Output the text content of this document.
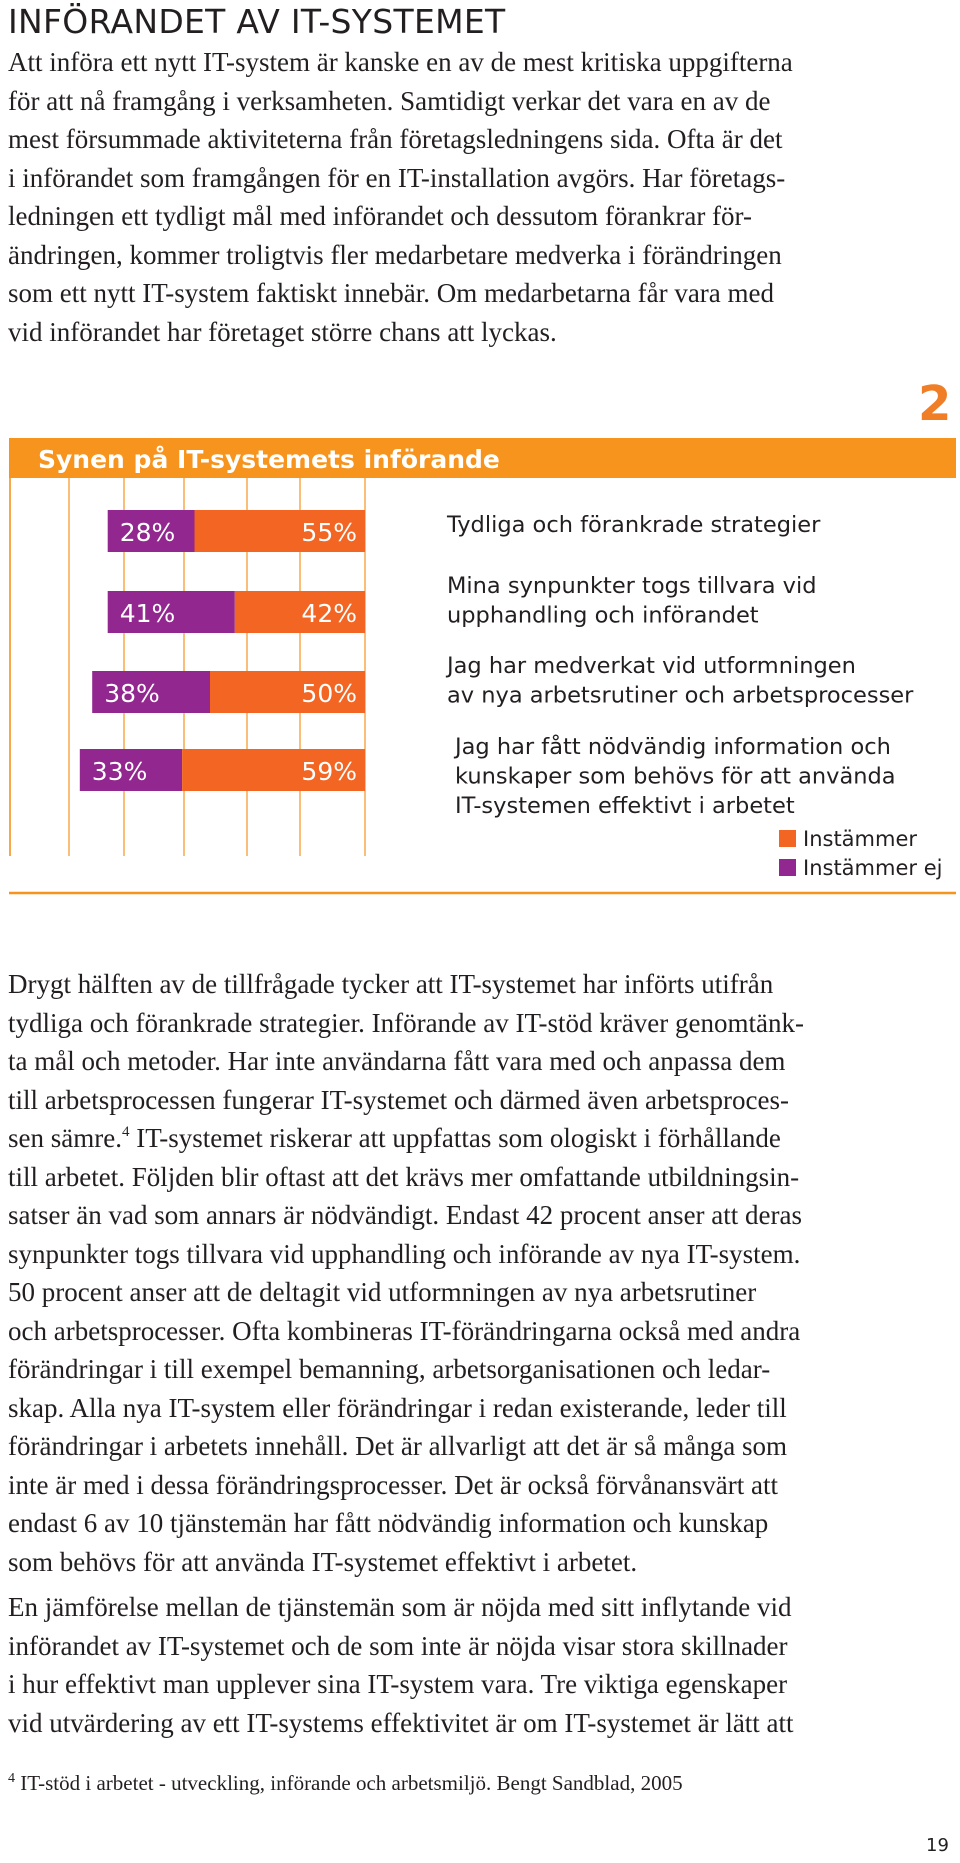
INFÖRANDET AV IT-SYSTEMET
Att införa ett nytt IT-system är kanske en av de mest kritiska uppgifterna
för att nå framgång i verksamheten. Samtidigt verkar det vara en av de
mest försummade aktiviteterna från företagsledningens sida. Ofta är det
i införandet som framgången för en IT-installation avgörs. Har företags-
ledningen ett tydligt mål med införandet och dessutom förankrar för-
ändringen, kommer troligtvis fler medarbetare medverka i förändringen
som ett nytt IT-system faktiskt innebär. Om medarbetarna får vara med
vid införandet har företaget större chans att lyckas.
2
Synen på IT-systemets införande
28%	55%	Tydliga och förankrade strategier
41%	42%
Mina synpunkter togs tillvara vid
upphandling och införandet
38%	50%
Jag har medverkat vid utformningen
av nya arbetsrutiner och arbetsprocesser
33%	59%
Jag har fått nödvändig information och
kunskaper som behövs för att använda
IT-systemen effektivt i arbetet
Instämmer
Instämmer ej
Drygt hälften av de tillfrågade tycker att IT-systemet har införts utifrån
tydliga och förankrade strategier. Införande av IT-stöd kräver genomtänk-
ta mål och metoder. Har inte användarna fått vara med och anpassa dem
till arbetsprocessen fungerar IT-systemet och därmed även arbetsproces-
sen sämre.$^4$ IT-systemet riskerar att uppfattas som ologiskt i förhållande
till arbetet. Följden blir oftast att det krävs mer omfattande utbildningsin-
satser än vad som annars är nödvändigt. Endast 42 procent anser att deras
synpunkter togs tillvara vid upphandling och införande av nya IT-system.
50 procent anser att de deltagit vid utformningen av nya arbetsrutiner
och arbetsprocesser. Ofta kombineras IT-förändringarna också med andra
förändringar i till exempel bemanning, arbetsorganisationen och ledar-
skap. Alla nya IT-system eller förändringar i redan existerande, leder till
förändringar i arbetets innehåll. Det är allvarligt att det är så många som
inte är med i dessa förändringsprocesser. Det är också förvånansvärt att
endast 6 av 10 tjänstemän har fått nödvändig information och kunskap
som behövs för att använda IT-systemet effektivt i arbetet.
En jämförelse mellan de tjänstemän som är nöjda med sitt inflytande vid
införandet av IT-systemet och de som inte är nöjda visar stora skillnader
i hur effektivt man upplever sina IT-system vara. Tre viktiga egenskaper
vid utvärdering av ett IT-systems effektivitet är om IT-systemet är lätt att
$^4$ IT-stöd i arbetet - utveckling, införande och arbetsmiljö. Bengt Sandblad, 2005
19
